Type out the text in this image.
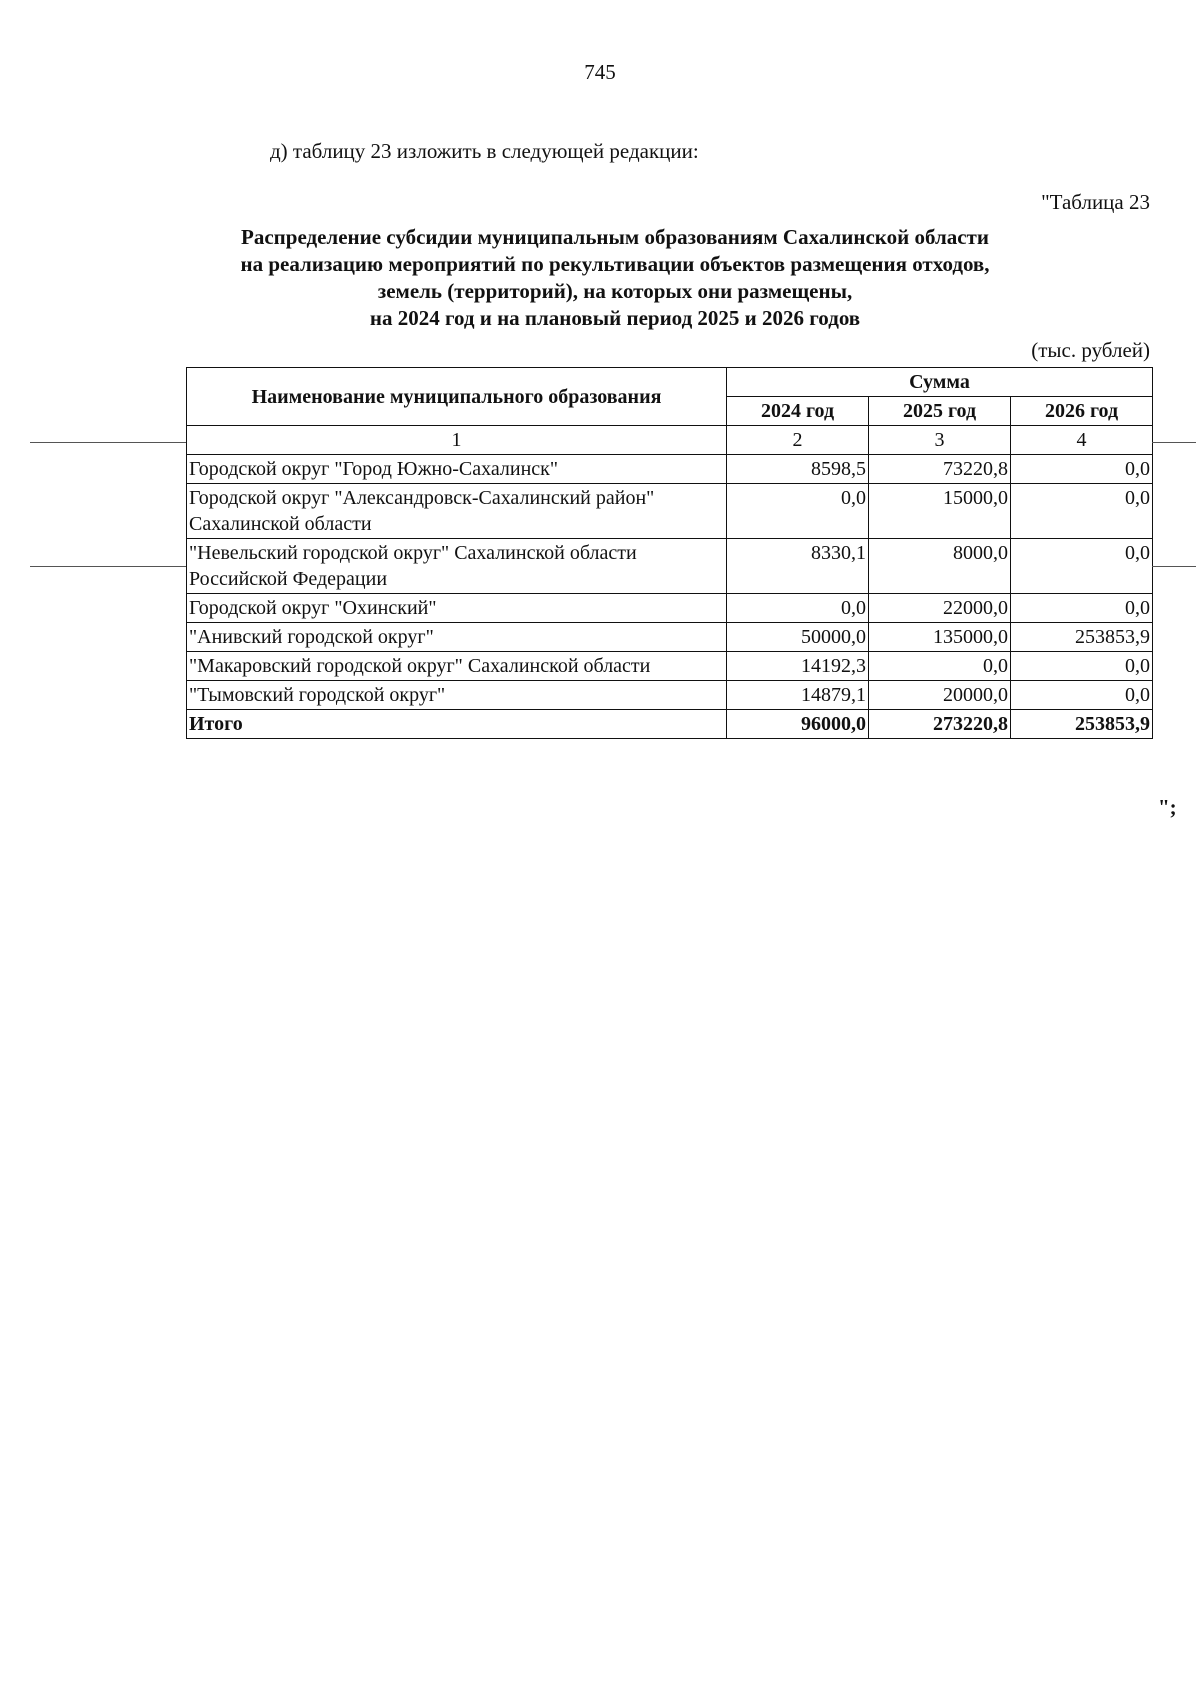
745
д) таблицу 23 изложить в следующей редакции:
"Таблица 23
Распределение субсидии муниципальным образованиям Сахалинской области
на реализацию мероприятий по рекультивации объектов размещения отходов,
земель (территорий), на которых они размещены,
на 2024 год и на плановый период 2025 и 2026 годов
(тыс. рублей)
Наименование муниципального образования	Сумма		
	2024 год	2025 год	2026 год
1	2	3	4
Городской округ "Город Южно-Сахалинск"	8598,5	73220,8	0,0
Городской округ "Александровск-Сахалинский район" Сахалинской области	0,0	15000,0	0,0
"Невельский городской округ" Сахалинской области Российской Федерации	8330,1	8000,0	0,0
Городской округ "Охинский"	0,0	22000,0	0,0
"Анивский городской округ"	50000,0	135000,0	253853,9
"Макаровский городской округ" Сахалинской области	14192,3	0,0	0,0
"Тымовский городской округ"	14879,1	20000,0	0,0
Итого	96000,0	273220,8	253853,9
";
